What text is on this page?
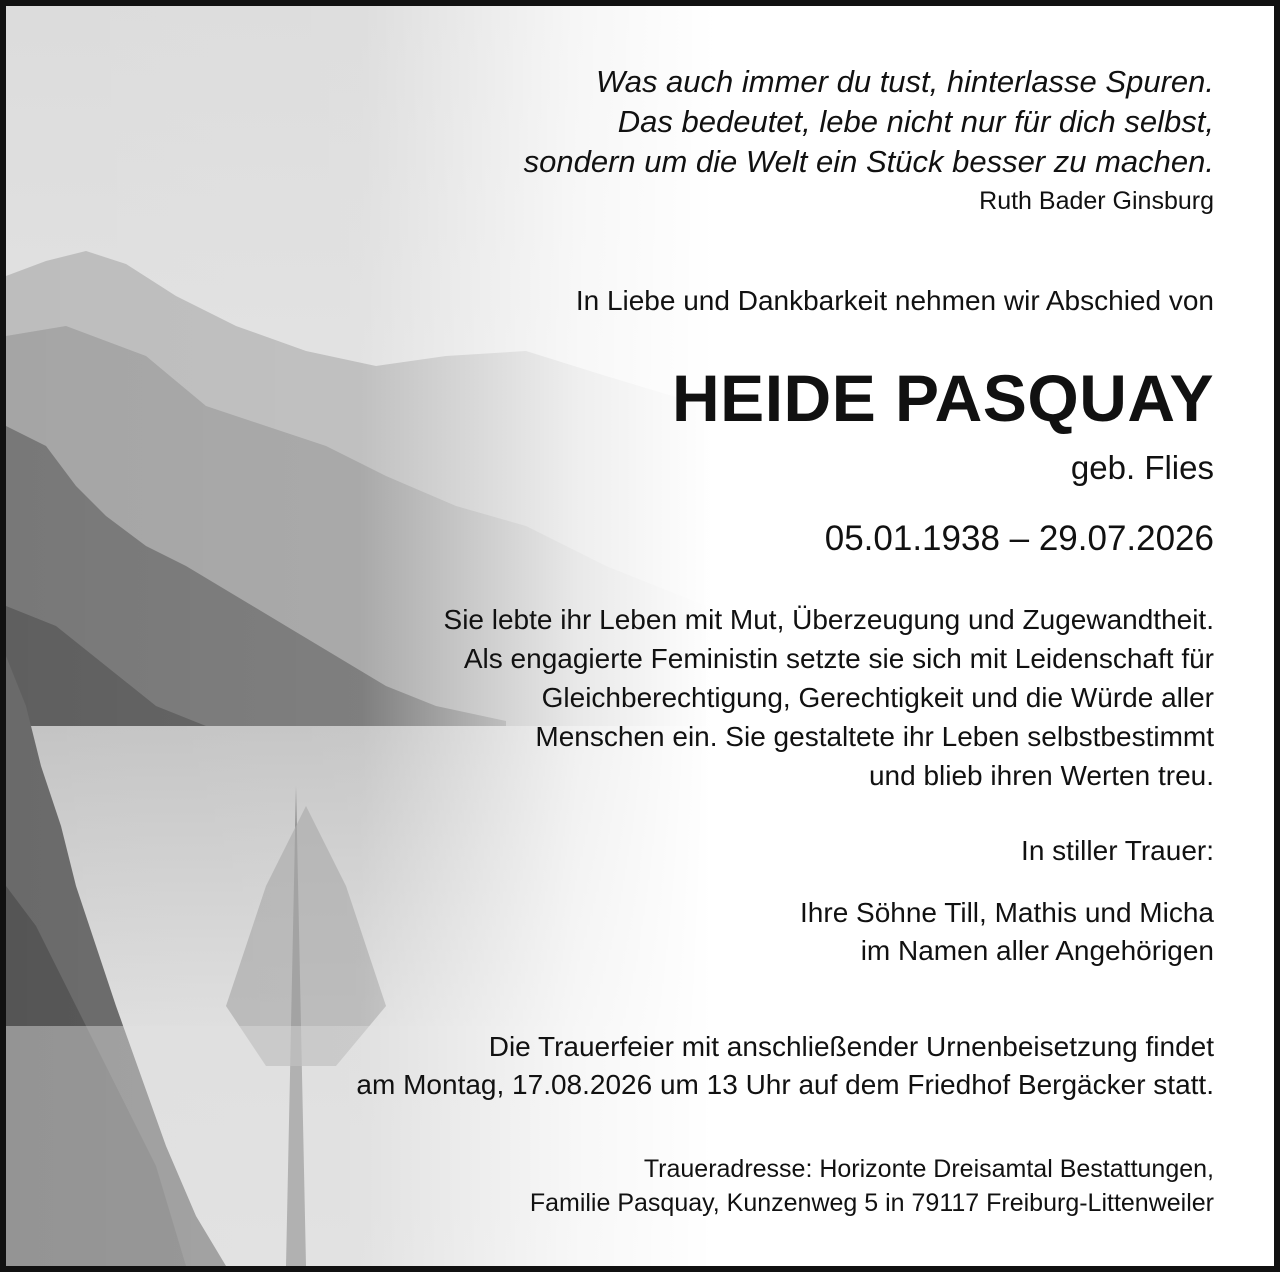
Was auch immer du tust, hinterlasse Spuren.
Das bedeutet, lebe nicht nur für dich selbst,
sondern um die Welt ein Stück besser zu machen.
Ruth Bader Ginsburg
In Liebe und Dankbarkeit nehmen wir Abschied von
HEIDE PASQUAY
geb. Flies
05.01.1938 – 29.07.2026
Sie lebte ihr Leben mit Mut, Überzeugung und Zugewandtheit.
Als engagierte Feministin setzte sie sich mit Leidenschaft für
Gleichberechtigung, Gerechtigkeit und die Würde aller
Menschen ein. Sie gestaltete ihr Leben selbstbestimmt
und blieb ihren Werten treu.
In stiller Trauer:
Ihre Söhne Till, Mathis und Micha
im Namen aller Angehörigen
Die Trauerfeier mit anschließender Urnenbeisetzung findet
am Montag, 17.08.2026 um 13 Uhr auf dem Friedhof Bergäcker statt.
Traueradresse: Horizonte Dreisamtal Bestattungen,
Familie Pasquay, Kunzenweg 5 in 79117 Freiburg-Littenweiler
